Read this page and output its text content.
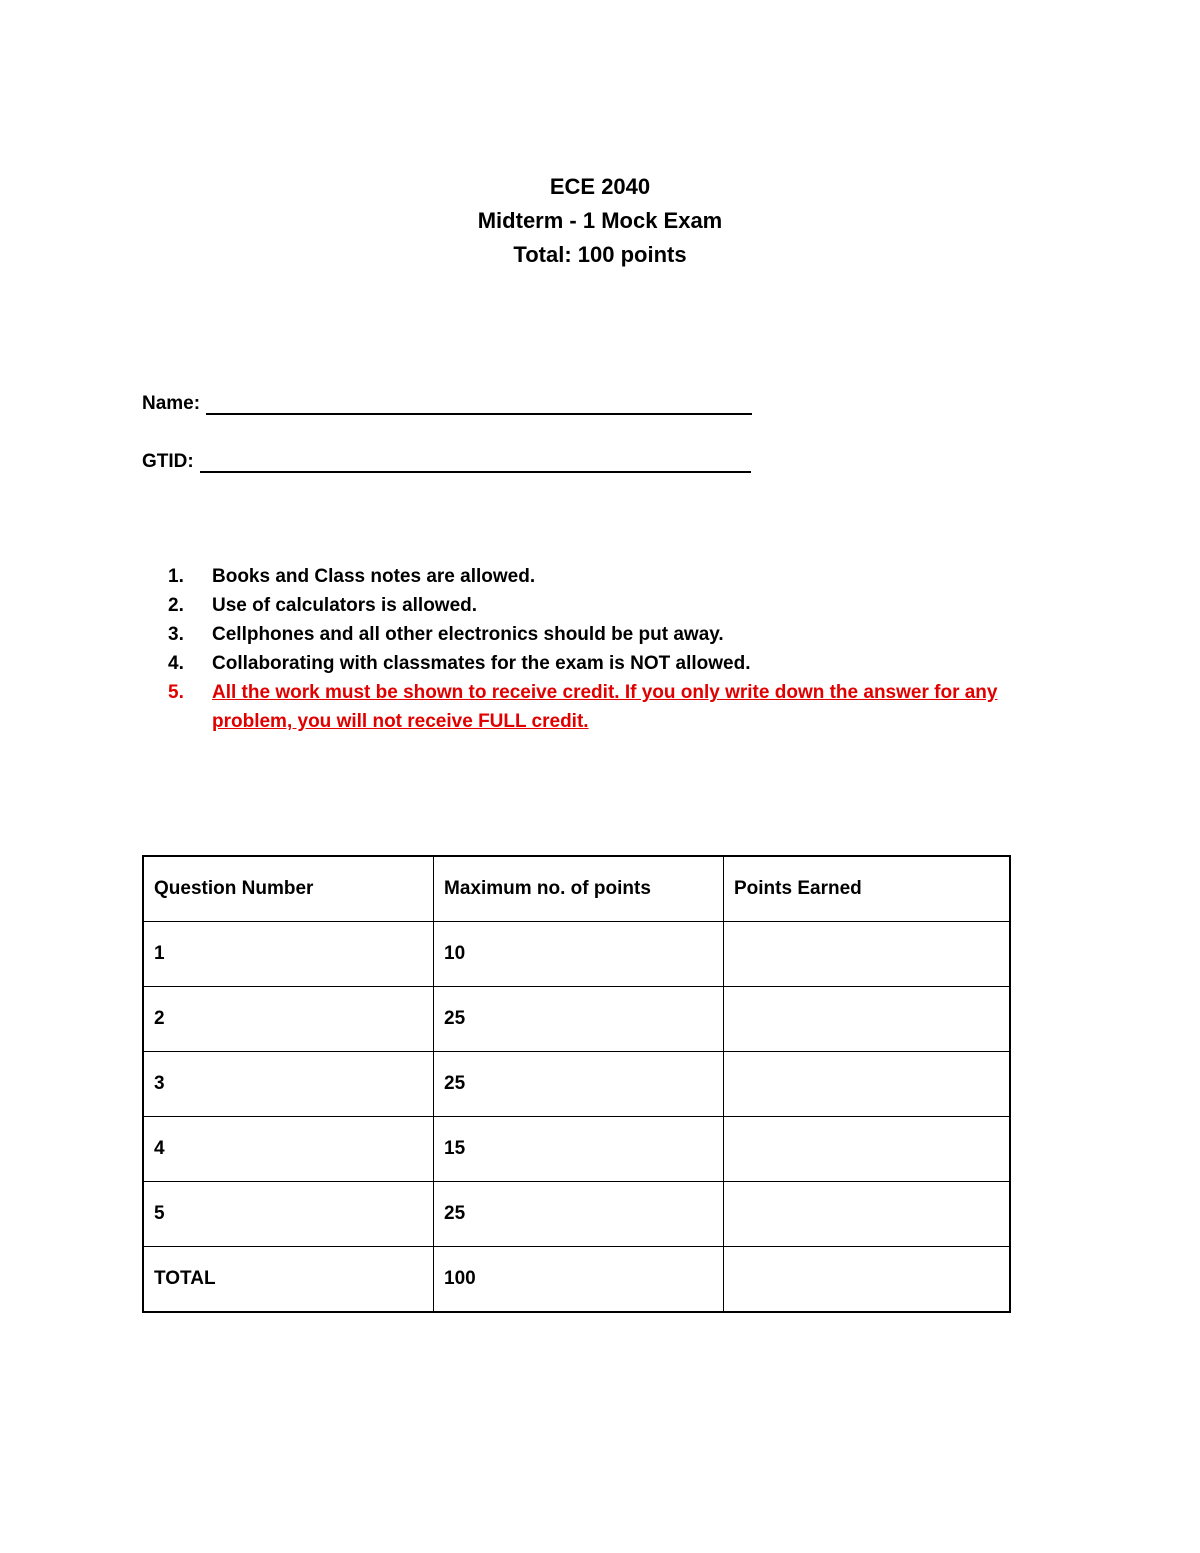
ECE 2040
Midterm - 1 Mock Exam
Total: 100 points
Name:
GTID:
1.	Books and Class notes are allowed.
2.	Use of calculators is allowed.
3.	Cellphones and all other electronics should be put away.
4.	Collaborating with classmates for the exam is NOT allowed.
5.	All the work must be shown to receive credit. If you only write down the answer for any problem, you will not receive FULL credit.
Question Number	Maximum no. of points	Points Earned
1	10	
2	25	
3	25	
4	15	
5	25	
TOTAL	100	
